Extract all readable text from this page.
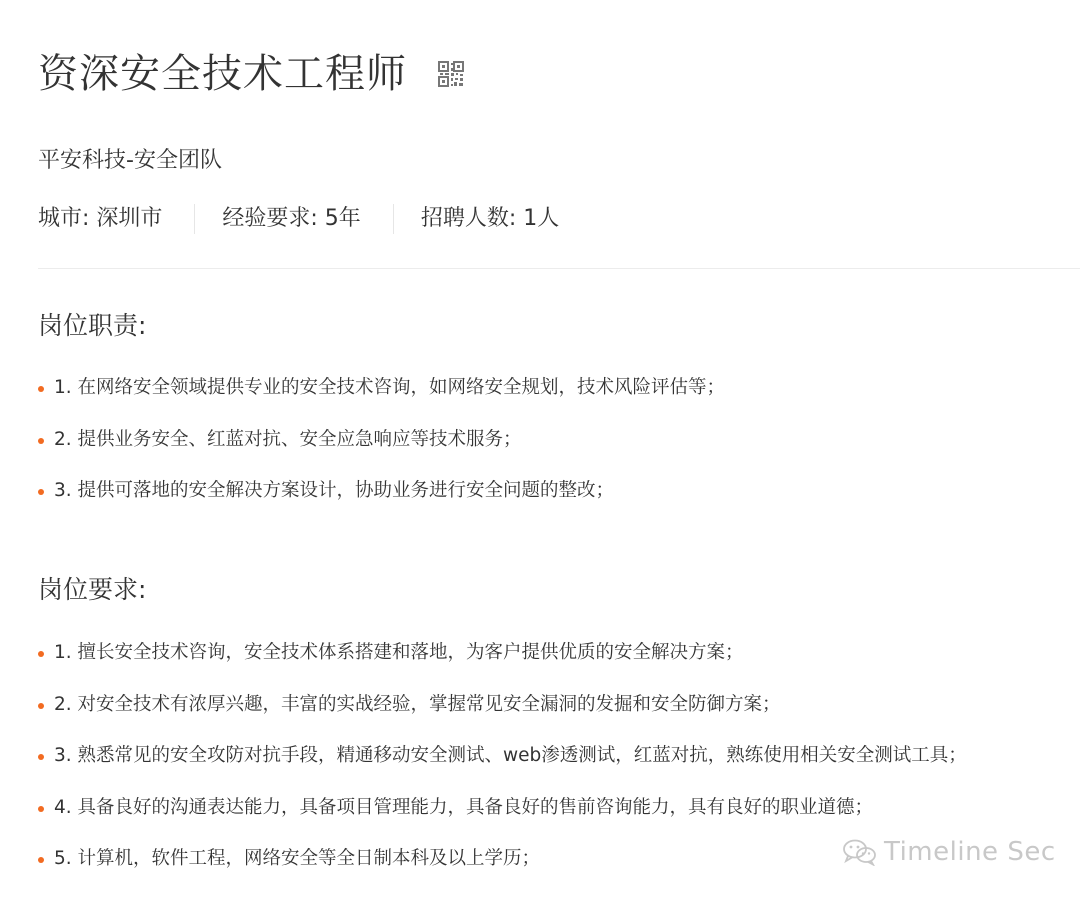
资深安全技术工程师
平安科技-安全团队
城市: 深圳市	经验要求: 5年	招聘人数: 1人
岗位职责:
1. 在网络安全领域提供专业的安全技术咨询，如网络安全规划，技术风险评估等；
2. 提供业务安全、红蓝对抗、安全应急响应等技术服务；
3. 提供可落地的安全解决方案设计，协助业务进行安全问题的整改；
岗位要求:
1. 擅长安全技术咨询，安全技术体系搭建和落地，为客户提供优质的安全解决方案；
2. 对安全技术有浓厚兴趣，丰富的实战经验，掌握常见安全漏洞的发掘和安全防御方案；
3. 熟悉常见的安全攻防对抗手段，精通移动安全测试、web渗透测试，红蓝对抗，熟练使用相关安全测试工具；
4. 具备良好的沟通表达能力，具备项目管理能力，具备良好的售前咨询能力，具有良好的职业道德；
5. 计算机，软件工程，网络安全等全日制本科及以上学历；	Timeline Sec
